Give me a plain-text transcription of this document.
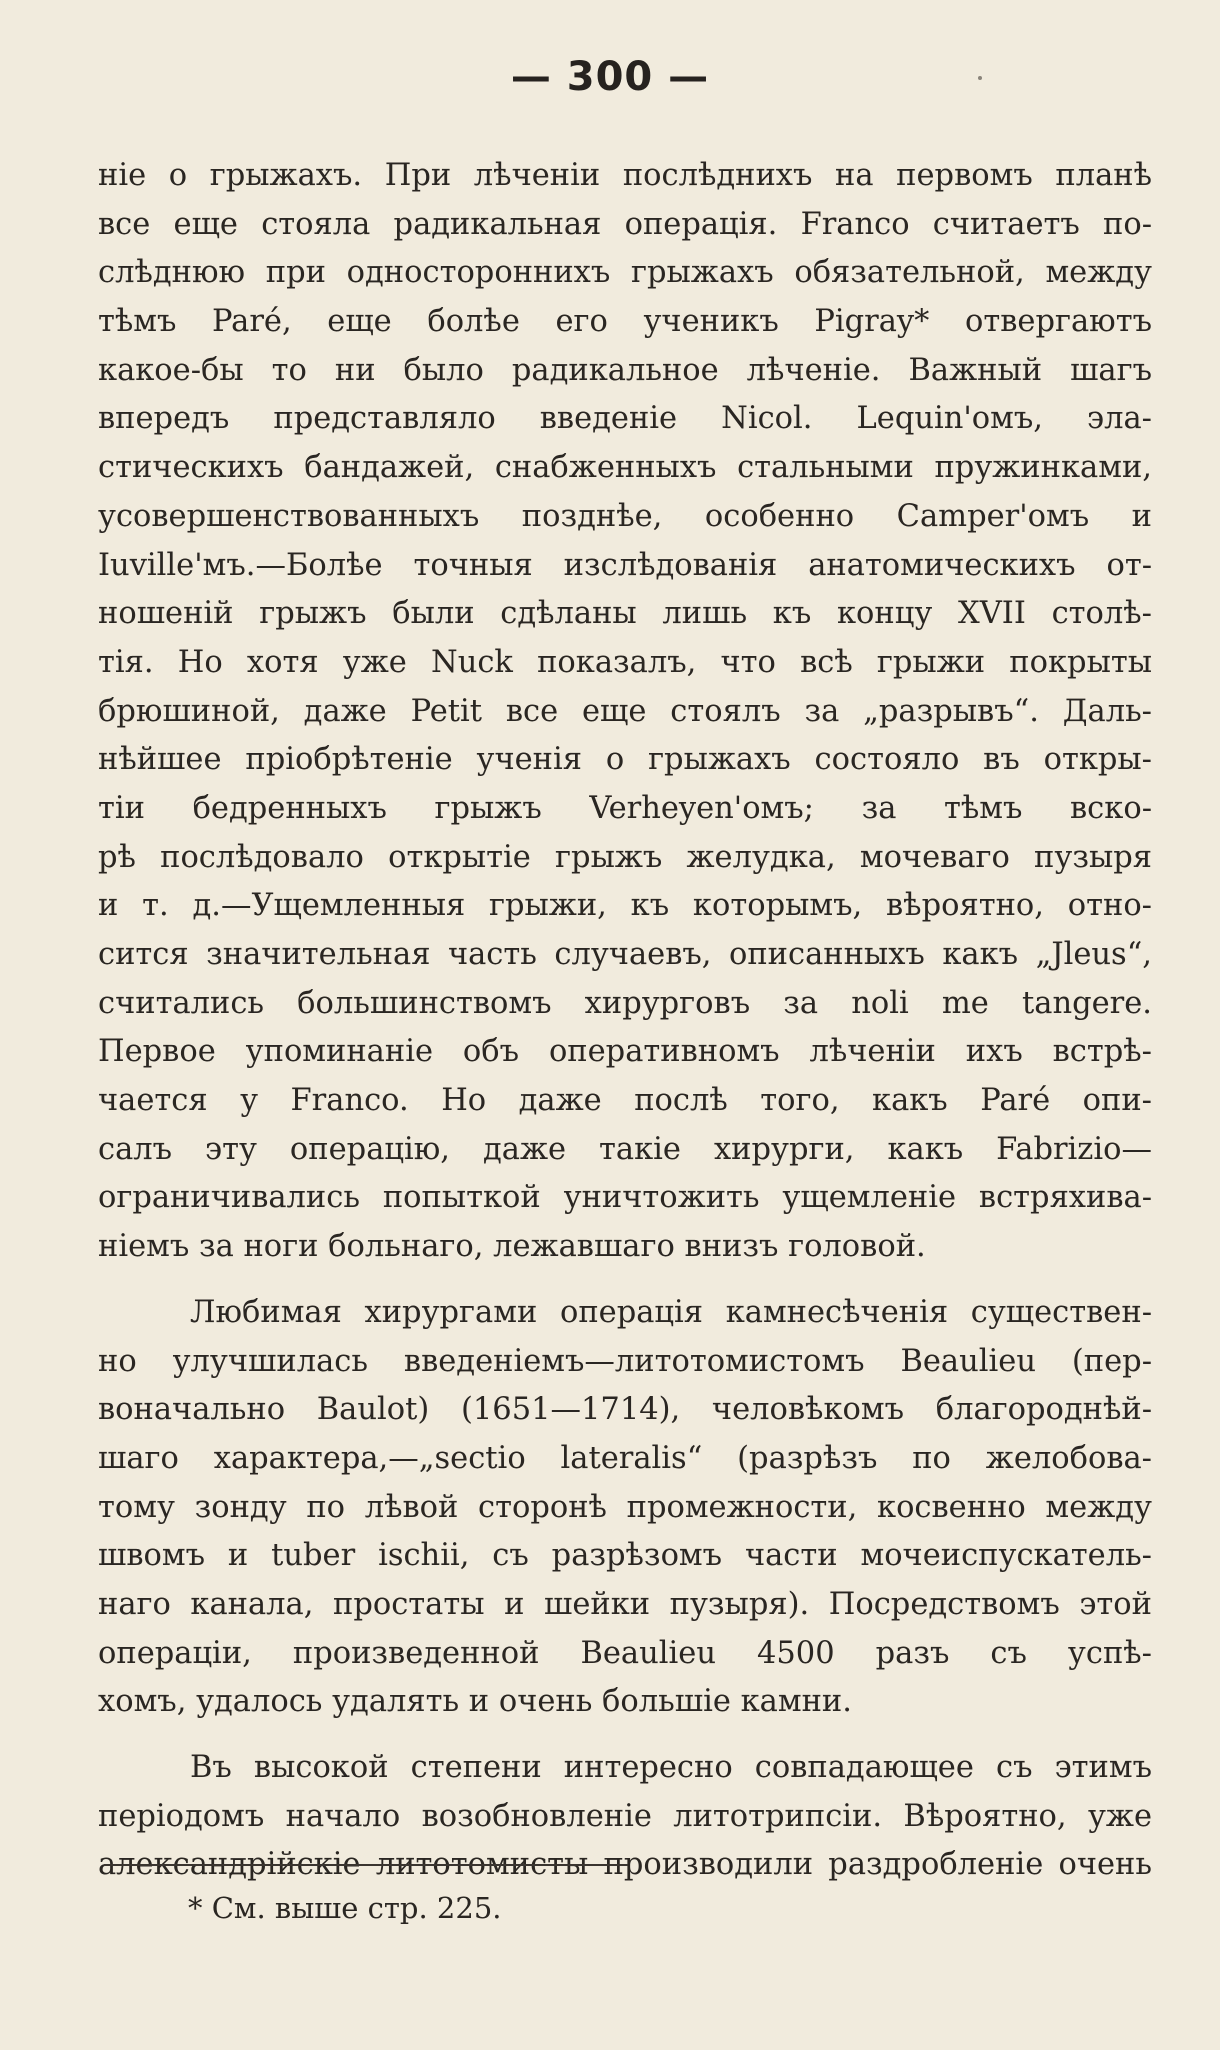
— 300 —
ніе о грыжахъ. При лѣченіи послѣднихъ на первомъ планѣ
все еще стояла радикальная операція. Franco считаетъ по-
слѣднюю при одностороннихъ грыжахъ обязательной, между
тѣмъ Paré, еще болѣе его ученикъ Pigray* отвергаютъ
какое-бы то ни было радикальное лѣченіе. Важный шагъ
впередъ представляло введеніе Nicol. Lequin'омъ, эла-
стическихъ бандажей, снабженныхъ стальными пружинками,
усовершенствованныхъ позднѣе, особенно Camper'омъ и
Iuville'мъ.—Болѣе точныя изслѣдованія анатомическихъ от-
ношеній грыжъ были сдѣланы лишь къ концу XVII столѣ-
тія. Но хотя уже Nuck показалъ, что всѣ грыжи покрыты
брюшиной, даже Petit все еще стоялъ за „разрывъ“. Даль-
нѣйшее пріобрѣтеніе ученія о грыжахъ состояло въ откры-
тіи бедренныхъ грыжъ Verheyen'омъ; за тѣмъ вско-
рѣ послѣдовало открытіе грыжъ желудка, мочеваго пузыря
и т. д.—Ущемленныя грыжи, къ которымъ, вѣроятно, отно-
сится значительная часть случаевъ, описанныхъ какъ „Jleus“,
считались большинствомъ хирурговъ за noli me tangere.
Первое упоминаніе объ оперативномъ лѣченіи ихъ встрѣ-
чается у Franco. Но даже послѣ того, какъ Paré опи-
салъ эту операцію, даже такіе хирурги, какъ Fabrizio—
ограничивались попыткой уничтожить ущемленіе встряхива-
ніемъ за ноги больнаго, лежавшаго внизъ головой.
Любимая хирургами операція камнесѣченія существен-
но улучшилась введеніемъ—литотомистомъ Beaulieu (пер-
воначально Baulot) (1651—1714), человѣкомъ благороднѣй-
шаго характера,—„sectio lateralis“ (разрѣзъ по желобова-
тому зонду по лѣвой сторонѣ промежности, косвенно между
швомъ и tuber ischii, съ разрѣзомъ части мочеиспускатель-
наго канала, простаты и шейки пузыря). Посредствомъ этой
операціи, произведенной Beaulieu 4500 разъ съ успѣ-
хомъ, удалось удалять и очень большіе камни.
Въ высокой степени интересно совпадающее съ этимъ
періодомъ начало возобновленіе литотрипсіи. Вѣроятно, уже
александрійскіе литотомисты производили раздробленіе очень
* См. выше стр. 225.
